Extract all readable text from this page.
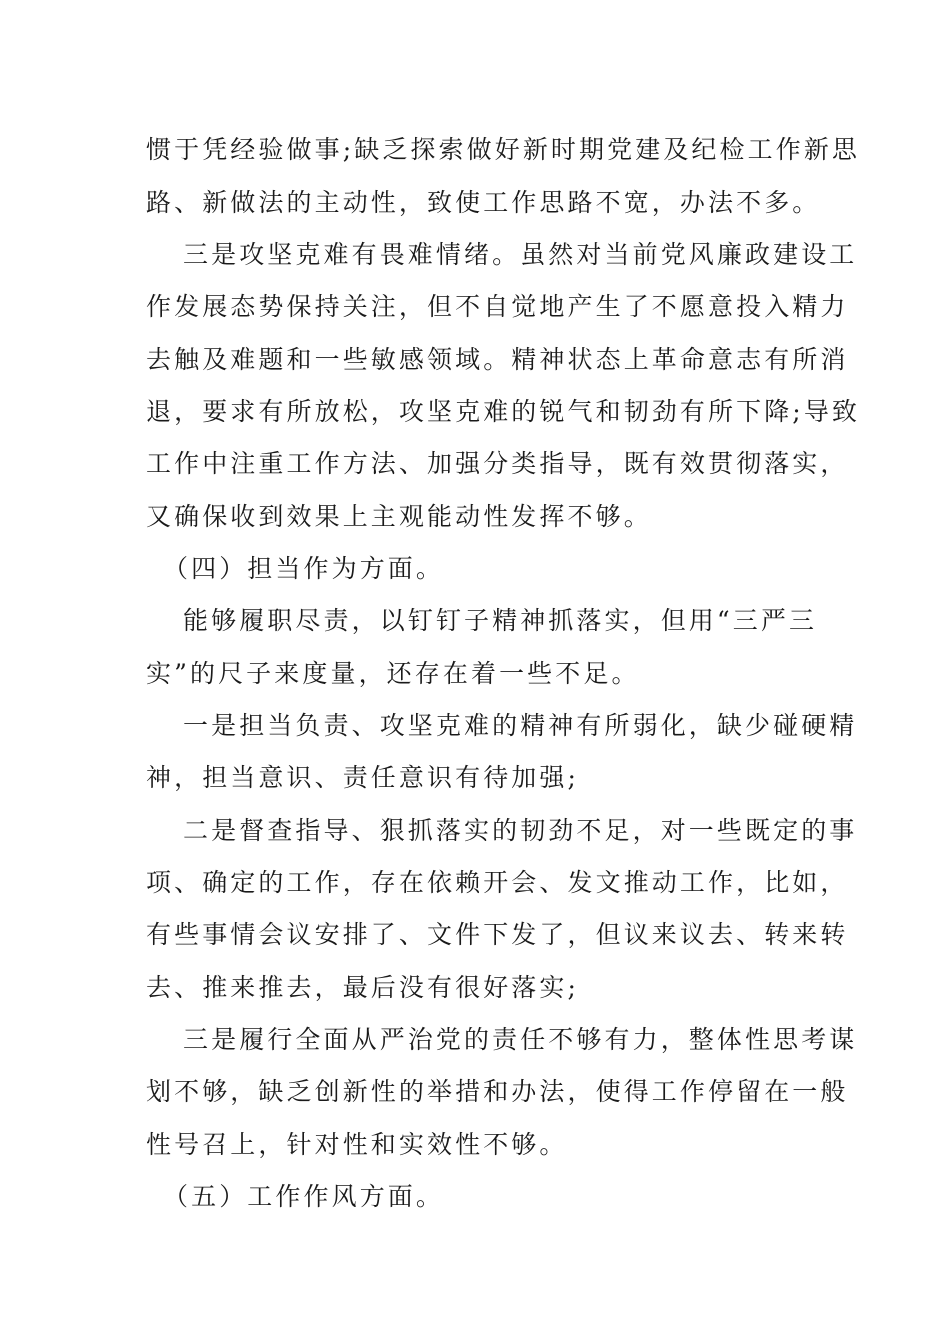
惯于凭经验做事;缺乏探索做好新时期党建及纪检工作新思
路、新做法的主动性，致使工作思路不宽，办法不多。
三是攻坚克难有畏难情绪。虽然对当前党风廉政建设工
作发展态势保持关注，但不自觉地产生了不愿意投入精力
去触及难题和一些敏感领域。精神状态上革命意志有所消
退，要求有所放松，攻坚克难的锐气和韧劲有所下降;导致
工作中注重工作方法、加强分类指导，既有效贯彻落实，
又确保收到效果上主观能动性发挥不够。
（四）担当作为方面。
能够履职尽责，以钉钉子精神抓落实，但用“三严三
实”的尺子来度量，还存在着一些不足。
一是担当负责、攻坚克难的精神有所弱化，缺少碰硬精
神，担当意识、责任意识有待加强;
二是督查指导、狠抓落实的韧劲不足，对一些既定的事
项、确定的工作，存在依赖开会、发文推动工作，比如，
有些事情会议安排了、文件下发了，但议来议去、转来转
去、推来推去，最后没有很好落实;
三是履行全面从严治党的责任不够有力，整体性思考谋
划不够，缺乏创新性的举措和办法，使得工作停留在一般
性号召上，针对性和实效性不够。
（五）工作作风方面。
